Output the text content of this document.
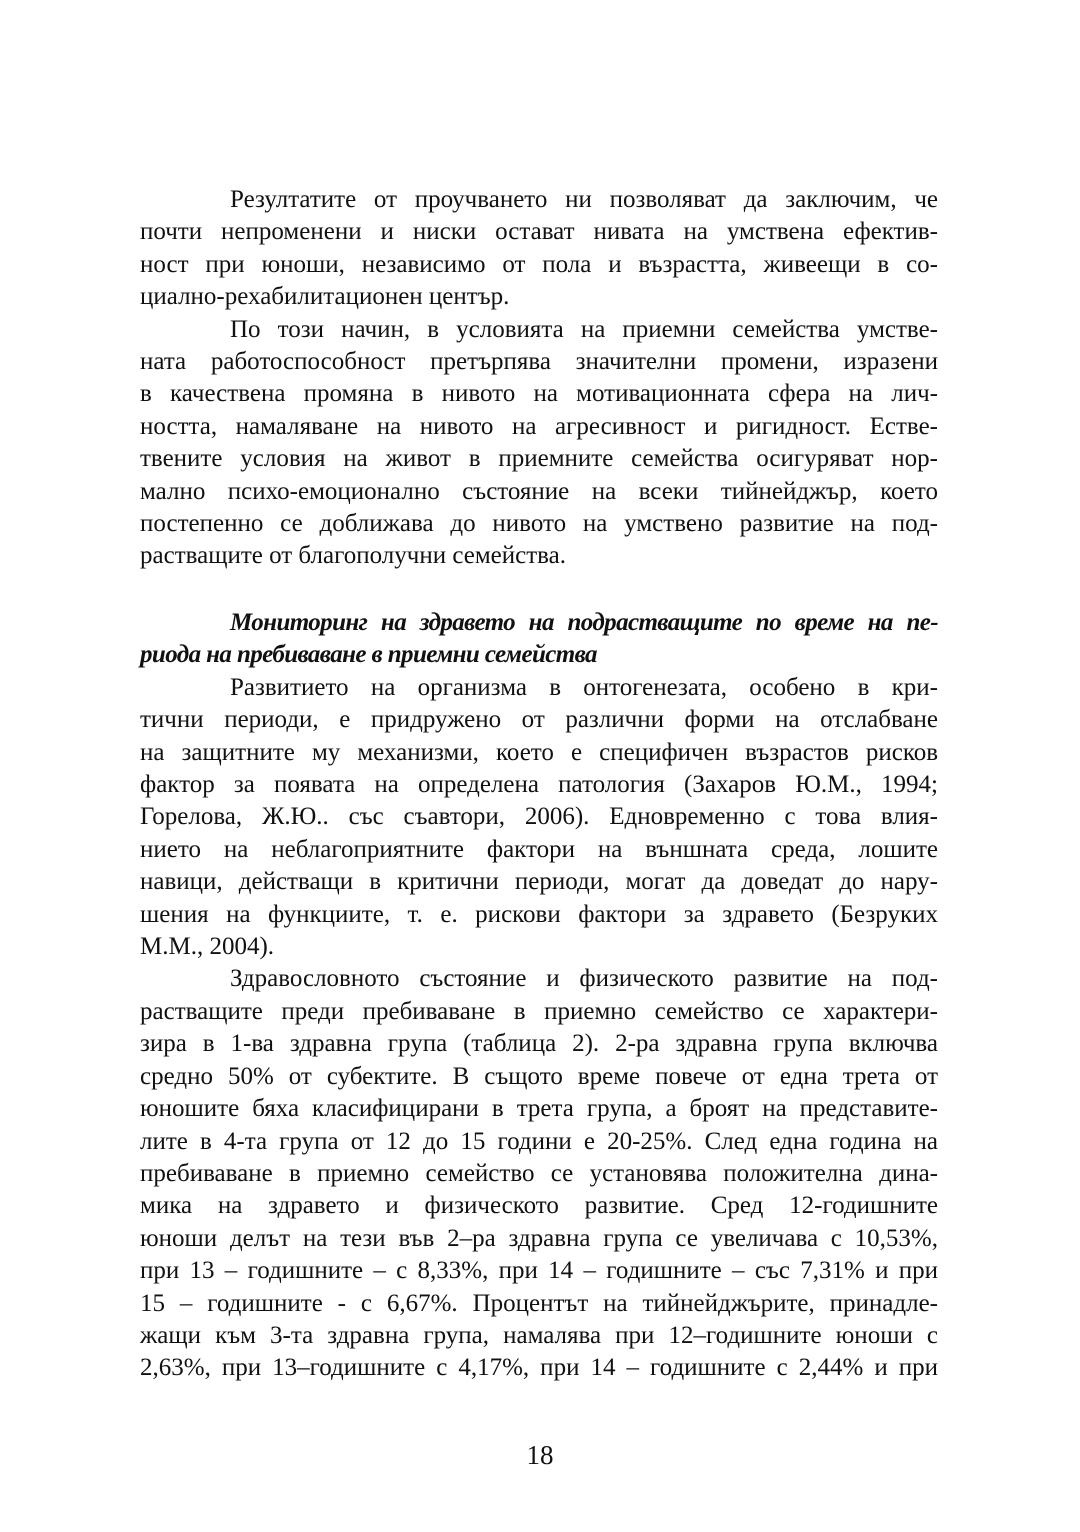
Резултатите от проучването ни позволяват да заключим, че
почти непроменени и ниски остават нивата на умствена ефектив-
ност при юноши, независимо от пола и възрастта, живеещи в со-
циално-рехабилитационен център.
По този начин, в условията на приемни семейства умстве-
ната работоспособност претърпява значителни промени, изразени
в качествена промяна в нивото на мотивационната сфера на лич-
ността, намаляване на нивото на агресивност и ригидност. Естве-
твените условия на живот в приемните семейства осигуряват нор-
мално психо-емоционално състояние на всеки тийнейджър, което
постепенно се доближава до нивото на умствено развитие на под-
растващите от благополучни семейства.
Мониторинг на здравето на подрастващите по време на пе-
риода на пребиваване в приемни семейства
Развитието на организма в онтогенезата, особено в кри-
тични периоди, е придружено от различни форми на отслабване
на защитните му механизми, което е специфичен възрастов рисков
фактор за появата на определена патология (Захаров Ю.М., 1994;
Горелова, Ж.Ю.. със съавтори, 2006). Едновременно с това влия-
нието на неблагоприятните фактори на външната среда, лошите
навици, действащи в критични периоди, могат да доведат до нару-
шения на функциите, т. е. рискови фактори за здравето (Безруких
М.М., 2004).
Здравословното състояние и физическото развитие на под-
растващите преди пребиваване в приемно семейство се характери-
зира в 1-ва здравна група (таблица 2). 2-ра здравна група включва
средно 50% от субектите. В същото време повече от една трета от
юношите бяха класифицирани в трета група, а броят на представите-
лите в 4-та група от 12 до 15 години е 20-25%. След една година на
пребиваване в приемно семейство се установява положителна дина-
мика на здравето и физическото развитие. Сред 12-годишните
юноши делът на тези във 2–ра здравна група се увеличава с 10,53%,
при 13 – годишните – с 8,33%, при 14 – годишните – със 7,31% и при
15 – годишните - с 6,67%. Процентът на тийнейджърите, принадле-
жащи към 3-та здравна група, намалява при 12–годишните юноши с
2,63%, при 13–годишните с 4,17%, при 14 – годишните с 2,44% и при
18
